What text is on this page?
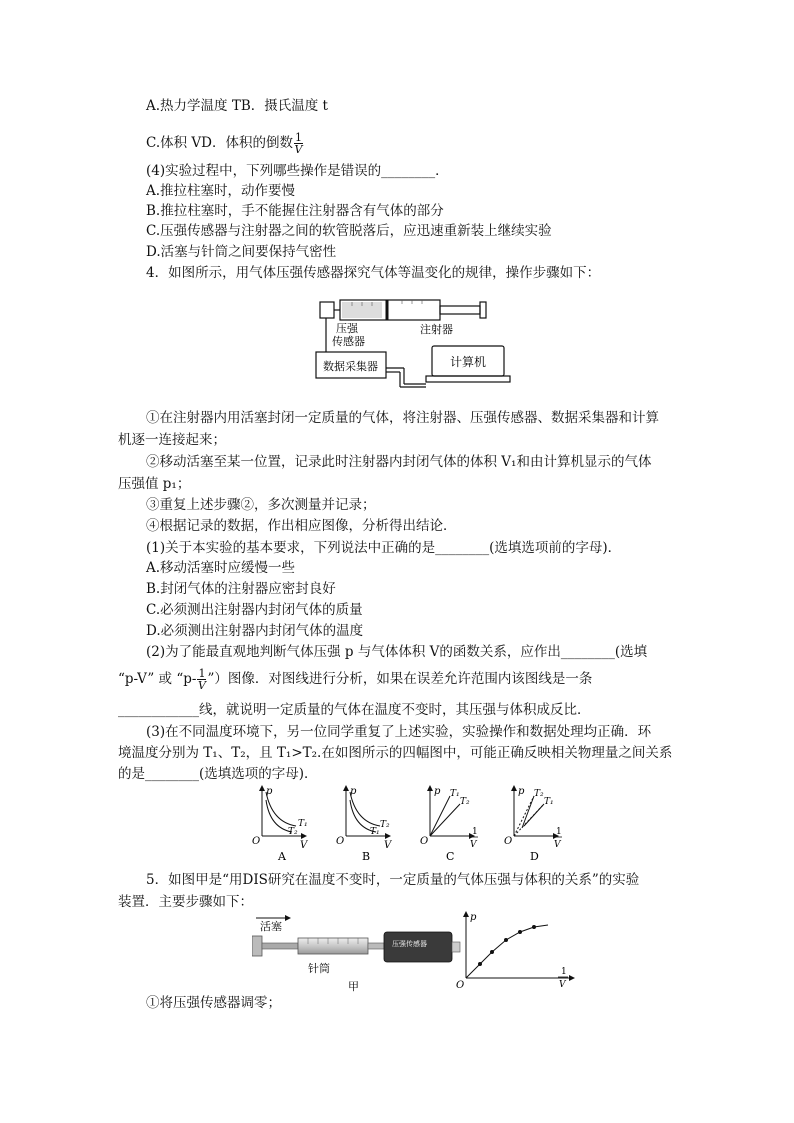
A.热力学温度 TB．摄氏温度 t
C.体积 VD．体积的倒数 $\frac{1}{V}$
(4)实验过程中，下列哪些操作是错误的________．
A.推拉柱塞时，动作要慢
B.推拉柱塞时，手不能握住注射器含有气体的部分
C.压强传感器与注射器之间的软管脱落后，应迅速重新装上继续实验
D.活塞与针筒之间要保持气密性
4．如图所示，用气体压强传感器探究气体等温变化的规律，操作步骤如下：
压强
传感器
注射器
数据采集器	计算机
①在注射器内用活塞封闭一定质量的气体，将注射器、压强传感器、数据采集器和计算
机逐一连接起来；
②移动活塞至某一位置，记录此时注射器内封闭气体的体积 V₁和由计算机显示的气体
压强值 p₁；
③重复上述步骤②，多次测量并记录；
④根据记录的数据，作出相应图像，分析得出结论．
(1)关于本实验的基本要求，下列说法中正确的是________(选填选项前的字母)．
A.移动活塞时应缓慢一些
B.封闭气体的注射器应密封良好
C.必须测出注射器内封闭气体的质量
D.必须测出注射器内封闭气体的温度
(2)为了能最直观地判断气体压强 p 与气体体积 V的函数关系，应作出________(选填
“p-V” 或 “$p- \frac{1}{V}$ ”）图像．对图线进行分析，如果在误差允许范围内该图线是一条
____________线，就说明一定质量的气体在温度不变时，其压强与体积成反比．
(3)在不同温度环境下，另一位同学重复了上述实验，实验操作和数据处理均正确．环
境温度分别为 T₁、T₂，且 T₁>T₂.在如图所示的四幅图中，可能正确反映相关物理量之间关系
的是________(选填选项的字母)．
p
O	V
T₁
T₂
A
p
O	V
T₂
T₁
B
p
O
1
V
T₁
T₂
C
p
O
1
V
T₂
T₁
D
5．如图甲是“用DIS研究在温度不变时，一定质量的气体压强与体积的关系”的实验
装置．主要步骤如下：
活塞
压强传感器
针筒
甲
p
O
1
V
①将压强传感器调零；
